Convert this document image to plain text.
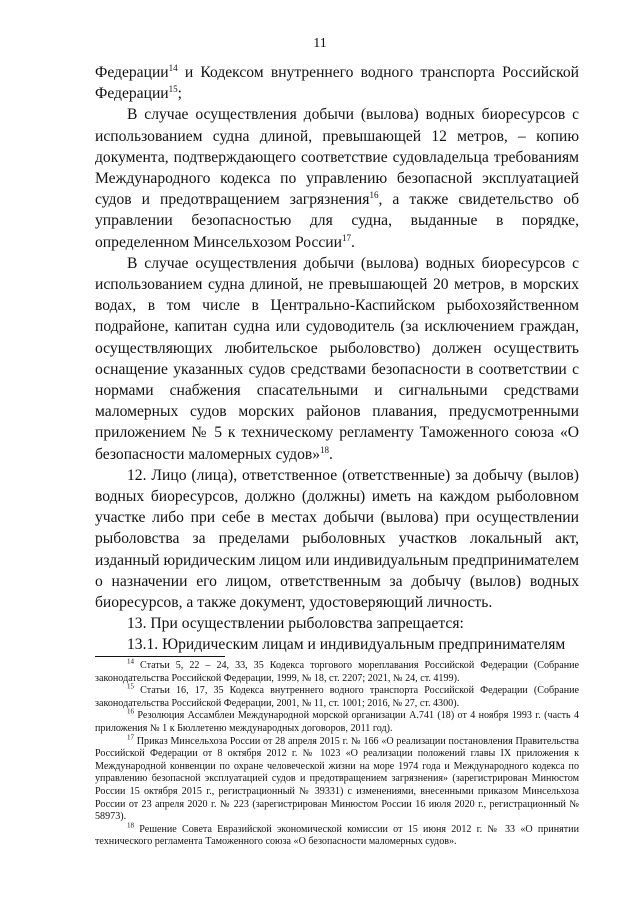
11

Федерации$^{14}$ и Кодексом внутреннего водного транспорта Российской Федерации$^{15}$;

В случае осуществления добычи (вылова) водных биоресурсов с использованием судна длиной, превышающей 12 метров, – копию документа, подтверждающего соответствие судовладельца требованиям Международного кодекса по управлению безопасной эксплуатацией судов и предотвращением загрязнения$^{16}$, а также свидетельство об управлении безопасностью для судна, выданные в порядке, определенном Минсельхозом России$^{17}$.

В случае осуществления добычи (вылова) водных биоресурсов с использованием судна длиной, не превышающей 20 метров, в морских водах, в том числе в Центрально-Каспийском рыбохозяйственном подрайоне, капитан судна или судоводитель (за исключением граждан, осуществляющих любительское рыболовство) должен осуществить оснащение указанных судов средствами безопасности в соответствии с нормами снабжения спасательными и сигнальными средствами маломерных судов морских районов плавания, предусмотренными приложением № 5 к техническому регламенту Таможенного союза «О безопасности маломерных судов»$^{18}$.

12. Лицо (лица), ответственное (ответственные) за добычу (вылов) водных биоресурсов, должно (должны) иметь на каждом рыболовном участке либо при себе в местах добычи (вылова) при осуществлении рыболовства за пределами рыболовных участков локальный акт, изданный юридическим лицом или индивидуальным предпринимателем о назначении его лицом, ответственным за добычу (вылов) водных биоресурсов, а также документ, удостоверяющий личность.

13. При осуществлении рыболовства запрещается:

13.1. Юридическим лицам и индивидуальным предпринимателям

$^{14}$ Статьи 5, 22 – 24, 33, 35 Кодекса торгового мореплавания Российской Федерации (Собрание законодательства Российской Федерации, 1999, № 18, ст. 2207; 2021, № 24, ст. 4199).

$^{15}$ Статьи 16, 17, 35 Кодекса внутреннего водного транспорта Российской Федерации (Собрание законодательства Российской Федерации, 2001, № 11, ст. 1001; 2016, № 27, ст. 4300).

$^{16}$ Резолюция Ассамблеи Международной морской организации А.741 (18) от 4 ноября 1993 г. (часть 4 приложения № 1 к Бюллетеню международных договоров, 2011 год).

$^{17}$ Приказ Минсельхоза России от 28 апреля 2015 г. № 166 «О реализации постановления Правительства Российской Федерации от 8 октября 2012 г. № 1023 «О реализации положений главы IX приложения к Международной конвенции по охране человеческой жизни на море 1974 года и Международного кодекса по управлению безопасной эксплуатацией судов и предотвращением загрязнения» (зарегистрирован Минюстом России 15 октября 2015 г., регистрационный № 39331) с изменениями, внесенными приказом Минсельхоза России от 23 апреля 2020 г. № 223 (зарегистрирован Минюстом России 16 июля 2020 г., регистрационный № 58973).

$^{18}$ Решение Совета Евразийской экономической комиссии от 15 июня 2012 г. № 33 «О принятии технического регламента Таможенного союза «О безопасности маломерных судов».
